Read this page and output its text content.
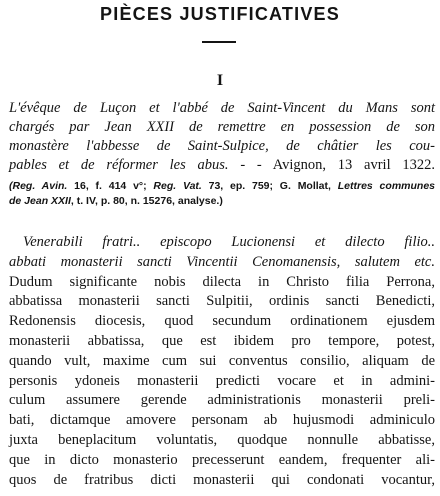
PIÈCES JUSTIFICATIVES
I
L'évêque de Luçon et l'abbé de Saint-Vincent du Mans sont
chargés par Jean XXII de remettre en possession de son
monastère l'abbesse de Saint-Sulpice, de châtier les cou-
pables et de réformer les abus. - - Avignon, 13 avril 1322.
(Reg. Avin. 16, f. 414 v°; Reg. Vat. 73, ep. 759; G. Mollat, Lettres communes
de Jean XXII, t. IV, p. 80, n. 15276, analyse.)
Venerabili fratri.. episcopo Lucionensi et dilecto filio..
abbati monasterii sancti Vincentii Cenomanensis, salutem etc.
Dudum significante nobis dilecta in Christo filia Perrona,
abbatissa monasterii sancti Sulpitii, ordinis sancti Benedicti,
Redonensis diocesis, quod secundum ordinationem ejusdem
monasterii abbatissa, que est ibidem pro tempore, potest,
quando vult, maxime cum sui conventus consilio, aliquam de
personis ydoneis monasterii predicti vocare et in admini-
culum assumere gerende administrationis monasterii preli-
bati, dictamque amovere personam ab hujusmodi adminiculo
juxta beneplacitum voluntatis, quodque nonnulle abbatisse,
que in dicto monasterio precesserunt eandem, frequenter ali-
quos de fratribus dicti monasterii qui condonati vocantur,
